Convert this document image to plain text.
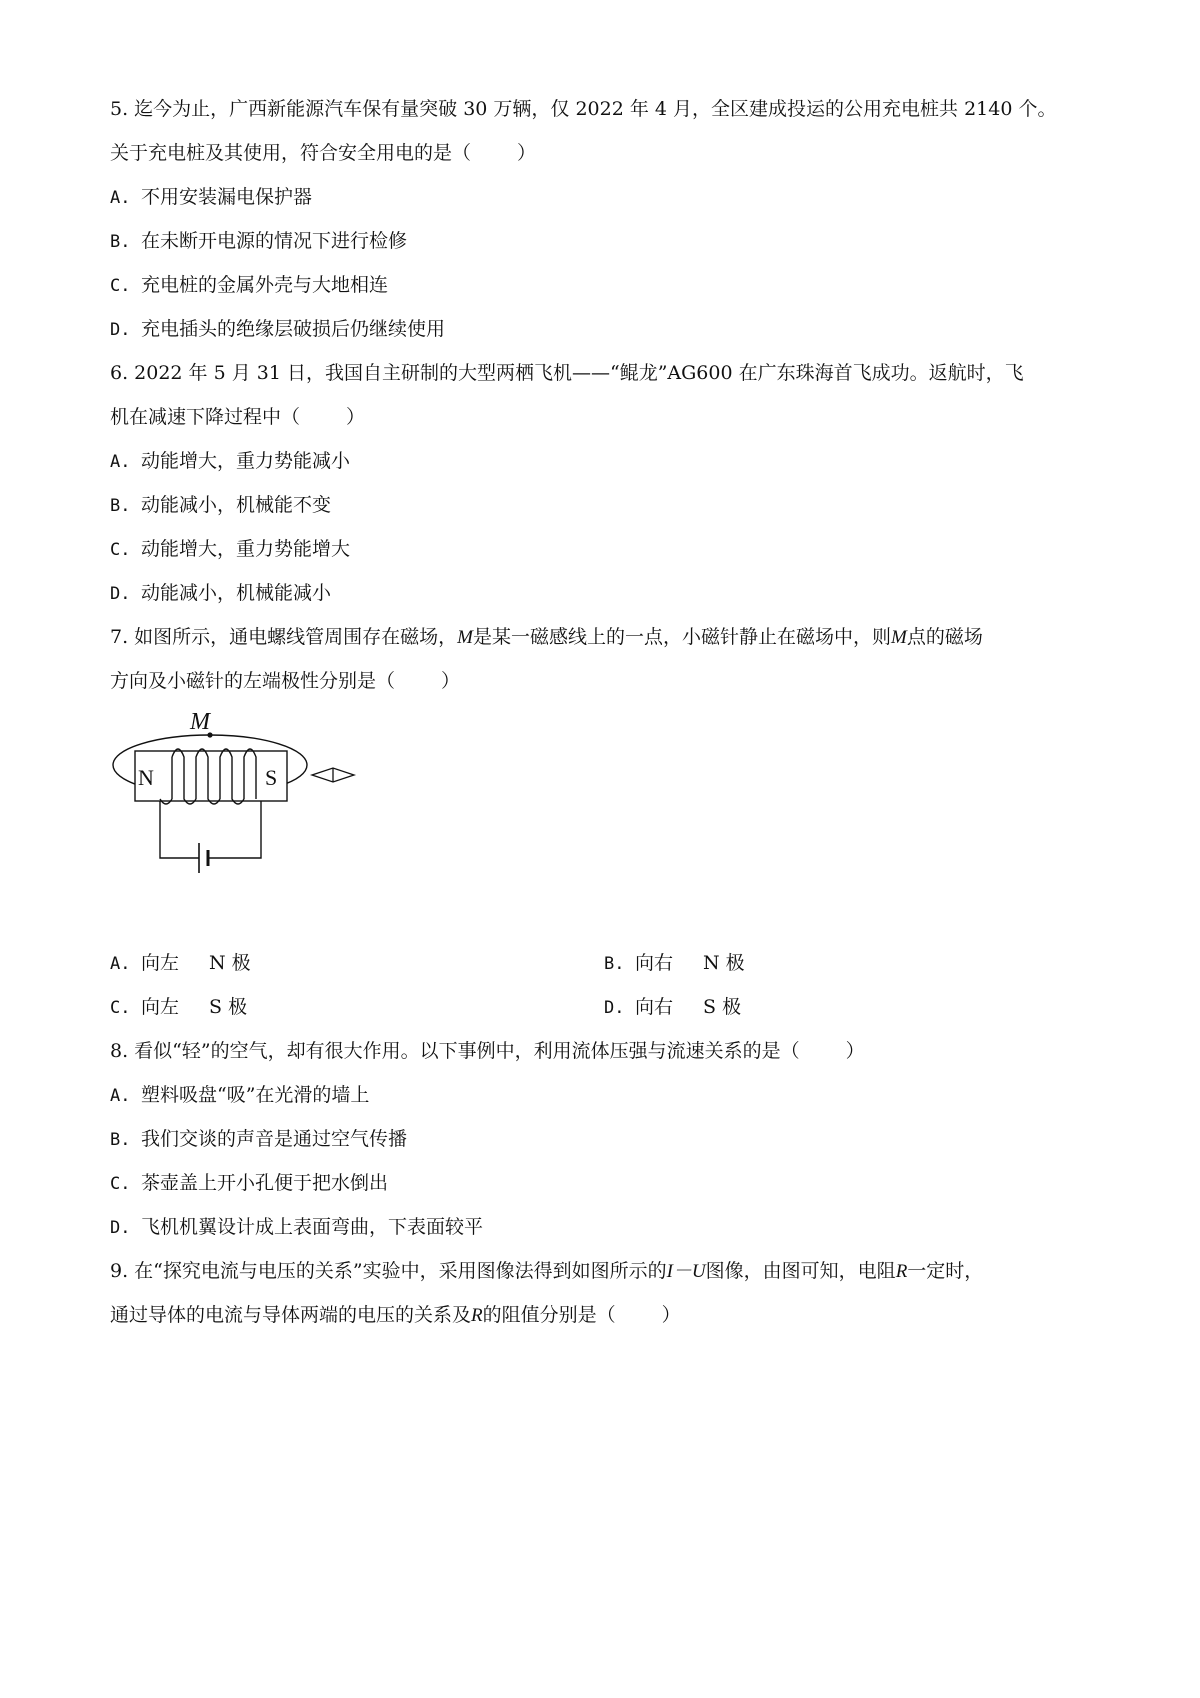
5. 迄今为止，广西新能源汽车保有量突破 30 万辆，仅 2022 年 4 月，全区建成投运的公用充电桩共 2140 个。
关于充电桩及其使用，符合安全用电的是（ ）
A. 不用安装漏电保护器
B. 在未断开电源的情况下进行检修
C. 充电桩的金属外壳与大地相连
D. 充电插头的绝缘层破损后仍继续使用
6. 2022 年 5 月 31 日，我国自主研制的大型两栖飞机——“鲲龙”AG600 在广东珠海首飞成功。返航时，飞
机在减速下降过程中（ ）
A. 动能增大，重力势能减小
B. 动能减小，机械能不变
C. 动能增大，重力势能增大
D. 动能减小，机械能减小
7. 如图所示，通电螺线管周围存在磁场，M是某一磁感线上的一点，小磁针静止在磁场中，则M点的磁场
方向及小磁针的左端极性分别是（ ）
M
N	S
A. 向左 N 极	B. 向右 N 极
C. 向左 S 极	D. 向右 S 极
8. 看似“轻”的空气，却有很大作用。以下事例中，利用流体压强与流速关系的是（ ）
A. 塑料吸盘“吸”在光滑的墙上
B. 我们交谈的声音是通过空气传播
C. 茶壶盖上开小孔便于把水倒出
D. 飞机机翼设计成上表面弯曲，下表面较平
9. 在“探究电流与电压的关系”实验中，采用图像法得到如图所示的I－U图像，由图可知，电阻R一定时，
通过导体的电流与导体两端的电压的关系及R的阻值分别是（ ）
